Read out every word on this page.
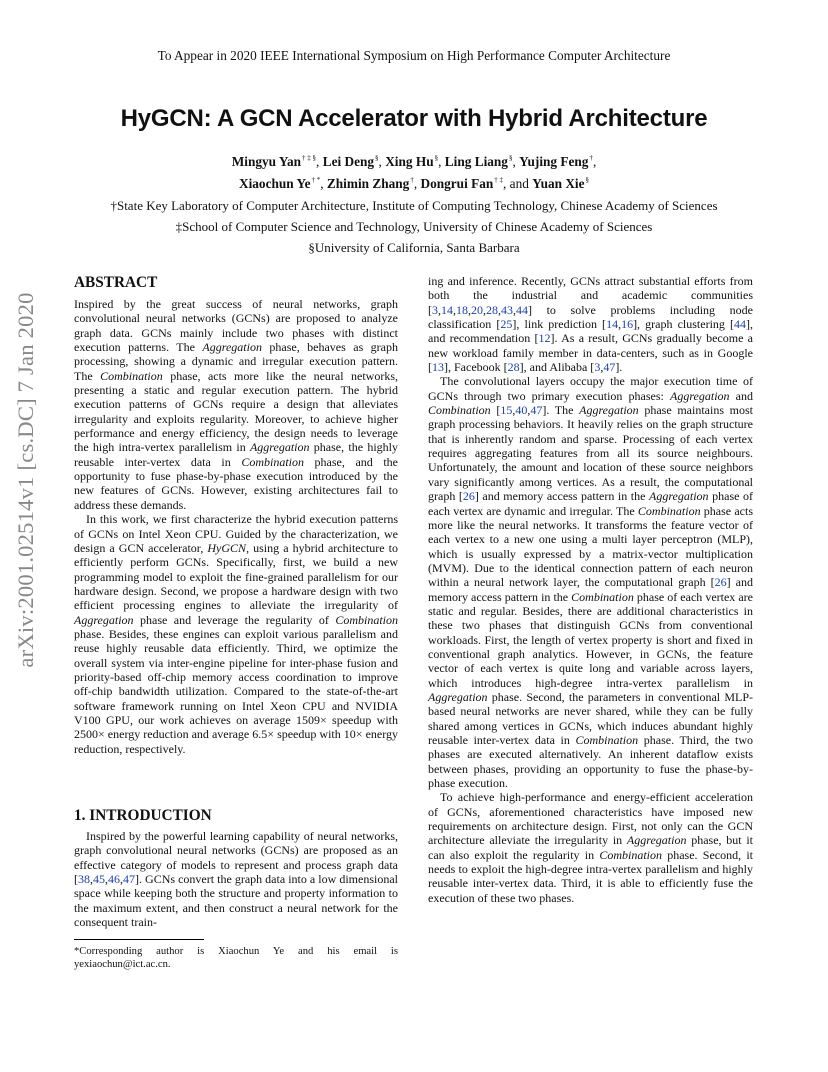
To Appear in 2020 IEEE International Symposium on High Performance Computer Architecture
HyGCN: A GCN Accelerator with Hybrid Architecture
Mingyu Yan† ‡ §, Lei Deng§, Xing Hu§, Ling Liang§, Yujing Feng†,
Xiaochun Ye† *, Zhimin Zhang†, Dongrui Fan† ‡, and Yuan Xie§
†State Key Laboratory of Computer Architecture, Institute of Computing Technology, Chinese Academy of Sciences
‡School of Computer Science and Technology, University of Chinese Academy of Sciences
§University of California, Santa Barbara
arXiv:2001.02514v1 [cs.DC] 7 Jan 2020
ABSTRACT

Inspired by the great success of neural networks, graph convolutional neural networks (GCNs) are proposed to analyze graph data. GCNs mainly include two phases with distinct execution patterns. The Aggregation phase, behaves as graph processing, showing a dynamic and irregular execution pattern. The Combination phase, acts more like the neural networks, presenting a static and regular execution pattern. The hybrid execution patterns of GCNs require a design that alleviates irregularity and exploits regularity. Moreover, to achieve higher performance and energy efficiency, the design needs to leverage the high intra-vertex parallelism in Aggregation phase, the highly reusable inter-vertex data in Combination phase, and the opportunity to fuse phase-by-phase execution introduced by the new features of GCNs. However, existing architectures fail to address these demands.

In this work, we first characterize the hybrid execution patterns of GCNs on Intel Xeon CPU. Guided by the characterization, we design a GCN accelerator, HyGCN, using a hybrid architecture to efficiently perform GCNs. Specifically, first, we build a new programming model to exploit the fine-grained parallelism for our hardware design. Second, we propose a hardware design with two efficient processing engines to alleviate the irregularity of Aggregation phase and leverage the regularity of Combination phase. Besides, these engines can exploit various parallelism and reuse highly reusable data efficiently. Third, we optimize the overall system via inter-engine pipeline for inter-phase fusion and priority-based off-chip memory access coordination to improve off-chip bandwidth utilization. Compared to the state-of-the-art software framework running on Intel Xeon CPU and NVIDIA V100 GPU, our work achieves on average 1509× speedup with 2500× energy reduction and average 6.5× speedup with 10× energy reduction, respectively.

1. INTRODUCTION

Inspired by the powerful learning capability of neural networks, graph convolutional neural networks (GCNs) are proposed as an effective category of models to represent and process graph data [38,45,46,47]. GCNs convert the graph data into a low dimensional space while keeping both the structure and property information to the maximum extent, and then construct a neural network for the consequent train-

*Corresponding author is Xiaochun Ye and his email is yexiaochun@ict.ac.cn.

ing and inference. Recently, GCNs attract substantial efforts from both the industrial and academic communities [3,14,18,20,28,43,44] to solve problems including node classification [25], link prediction [14,16], graph clustering [44], and recommendation [12]. As a result, GCNs gradually become a new workload family member in data-centers, such as in Google [13], Facebook [28], and Alibaba [3,47].

The convolutional layers occupy the major execution time of GCNs through two primary execution phases: Aggregation and Combination [15,40,47]. The Aggregation phase maintains most graph processing behaviors. It heavily relies on the graph structure that is inherently random and sparse. Processing of each vertex requires aggregating features from all its source neighbours. Unfortunately, the amount and location of these source neighbors vary significantly among vertices. As a result, the computational graph [26] and memory access pattern in the Aggregation phase of each vertex are dynamic and irregular. The Combination phase acts more like the neural networks. It transforms the feature vector of each vertex to a new one using a multi layer perceptron (MLP), which is usually expressed by a matrix-vector multiplication (MVM). Due to the identical connection pattern of each neuron within a neural network layer, the computational graph [26] and memory access pattern in the Combination phase of each vertex are static and regular. Besides, there are additional characteristics in these two phases that distinguish GCNs from conventional workloads. First, the length of vertex property is short and fixed in conventional graph analytics. However, in GCNs, the feature vector of each vertex is quite long and variable across layers, which introduces high-degree intra-vertex parallelism in Aggregation phase. Second, the parameters in conventional MLP-based neural networks are never shared, while they can be fully shared among vertices in GCNs, which induces abundant highly reusable inter-vertex data in Combination phase. Third, the two phases are executed alternatively. An inherent dataflow exists between phases, providing an opportunity to fuse the phase-by-phase execution.

To achieve high-performance and energy-efficient acceleration of GCNs, aforementioned characteristics have imposed new requirements on architecture design. First, not only can the GCN architecture alleviate the irregularity in Aggregation phase, but it can also exploit the regularity in Combination phase. Second, it needs to exploit the high-degree intra-vertex parallelism and highly reusable inter-vertex data. Third, it is able to efficiently fuse the execution of these two phases.
